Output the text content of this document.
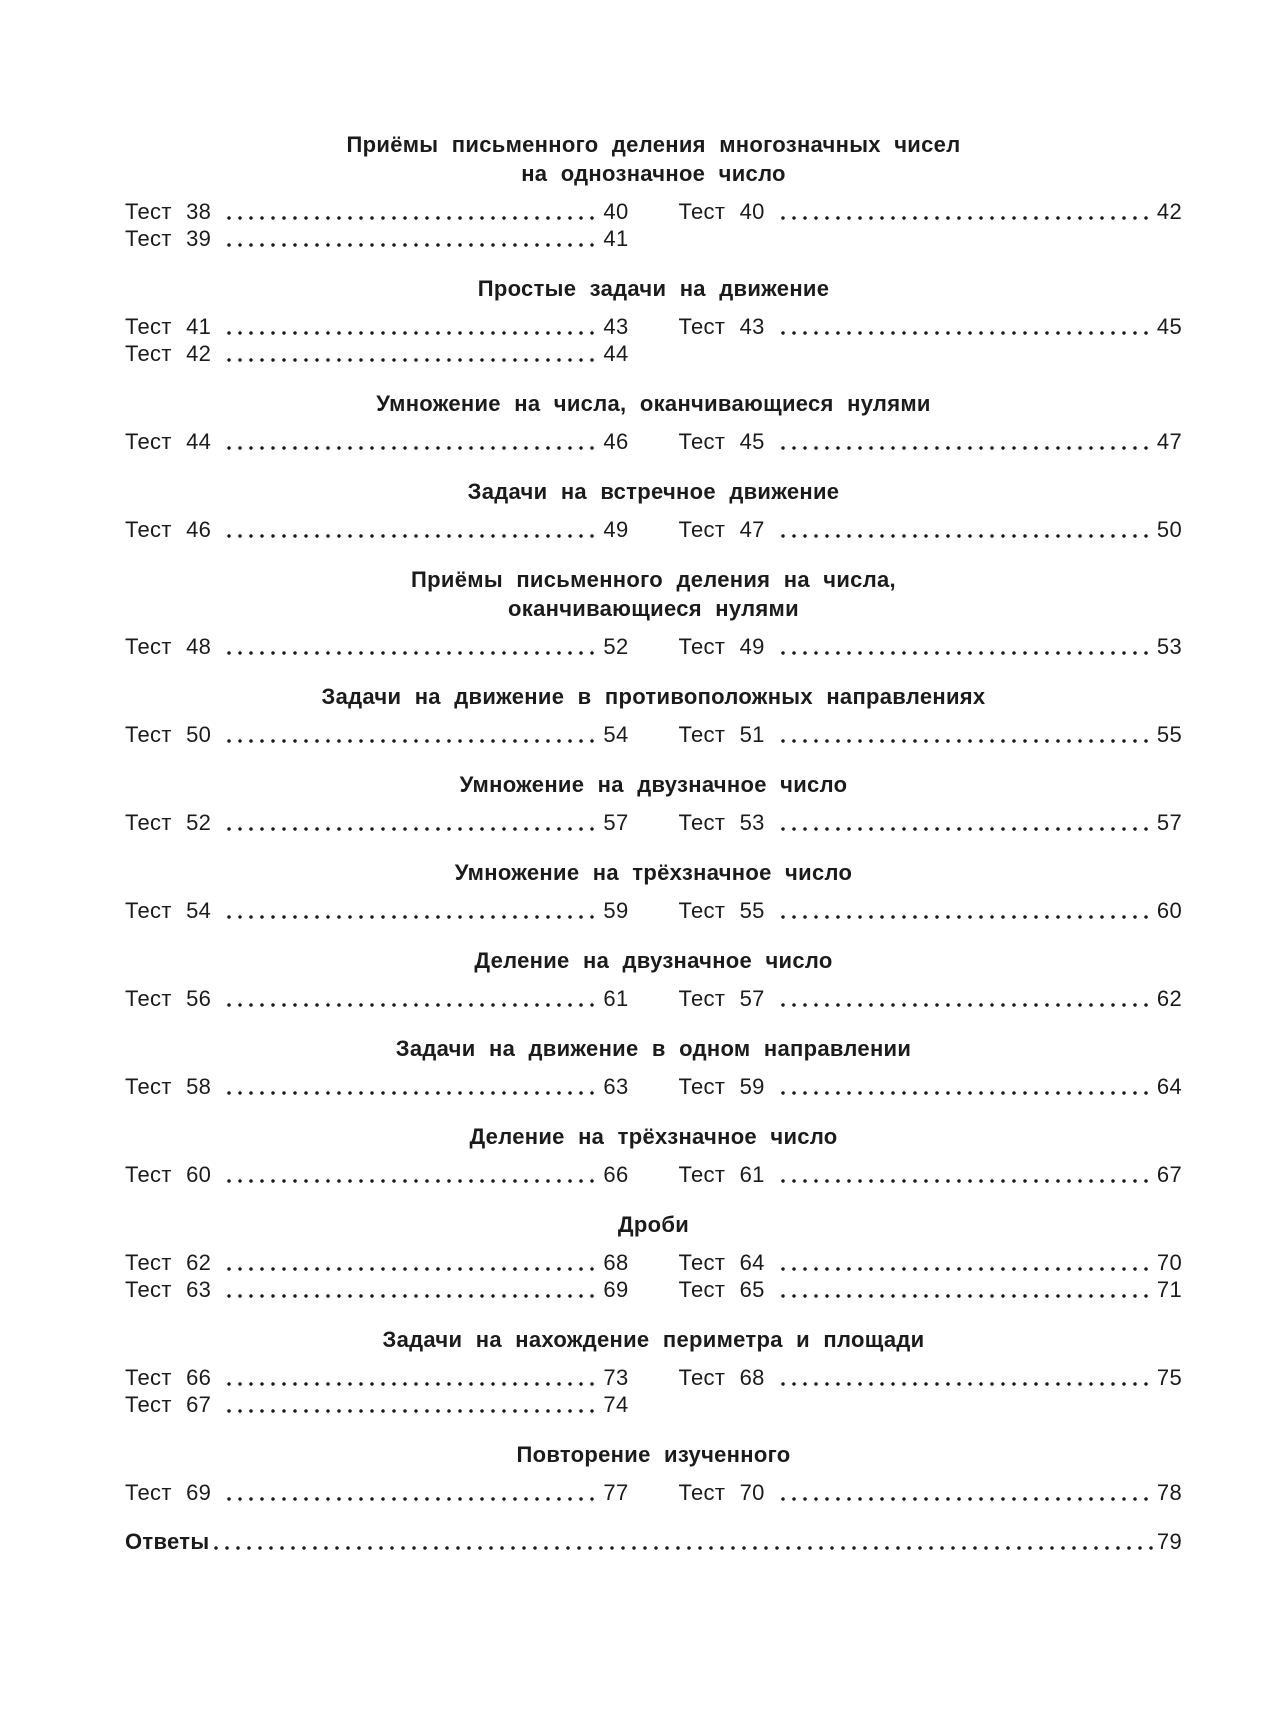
Приёмы письменного деления многозначных чисел
на однозначное число
Тест 38	40
Тест 39	41
Тест 40	42
Простые задачи на движение
Тест 41	43
Тест 42	44
Тест 43	45
Умножение на числа, оканчивающиеся нулями
Тест 44	46 Тест 45	47
Задачи на встречное движение
Тест 46	49 Тест 47	50
Приёмы письменного деления на числа,
оканчивающиеся нулями
Тест 48	52 Тест 49	53
Задачи на движение в противоположных направлениях
Тест 50	54 Тест 51	55
Умножение на двузначное число
Тест 52	57 Тест 53	57
Умножение на трёхзначное число
Тест 54	59 Тест 55	60
Деление на двузначное число
Тест 56	61 Тест 57	62
Задачи на движение в одном направлении
Тест 58	63 Тест 59	64
Деление на трёхзначное число
Тест 60	66 Тест 61	67
Дроби
Тест 62	68
Тест 63	69
Тест 64	70
Тест 65	71
Задачи на нахождение периметра и площади
Тест 66	73
Тест 67	74
Тест 68	75
Повторение изученного
Тест 69	77 Тест 70	78
Ответы	79
